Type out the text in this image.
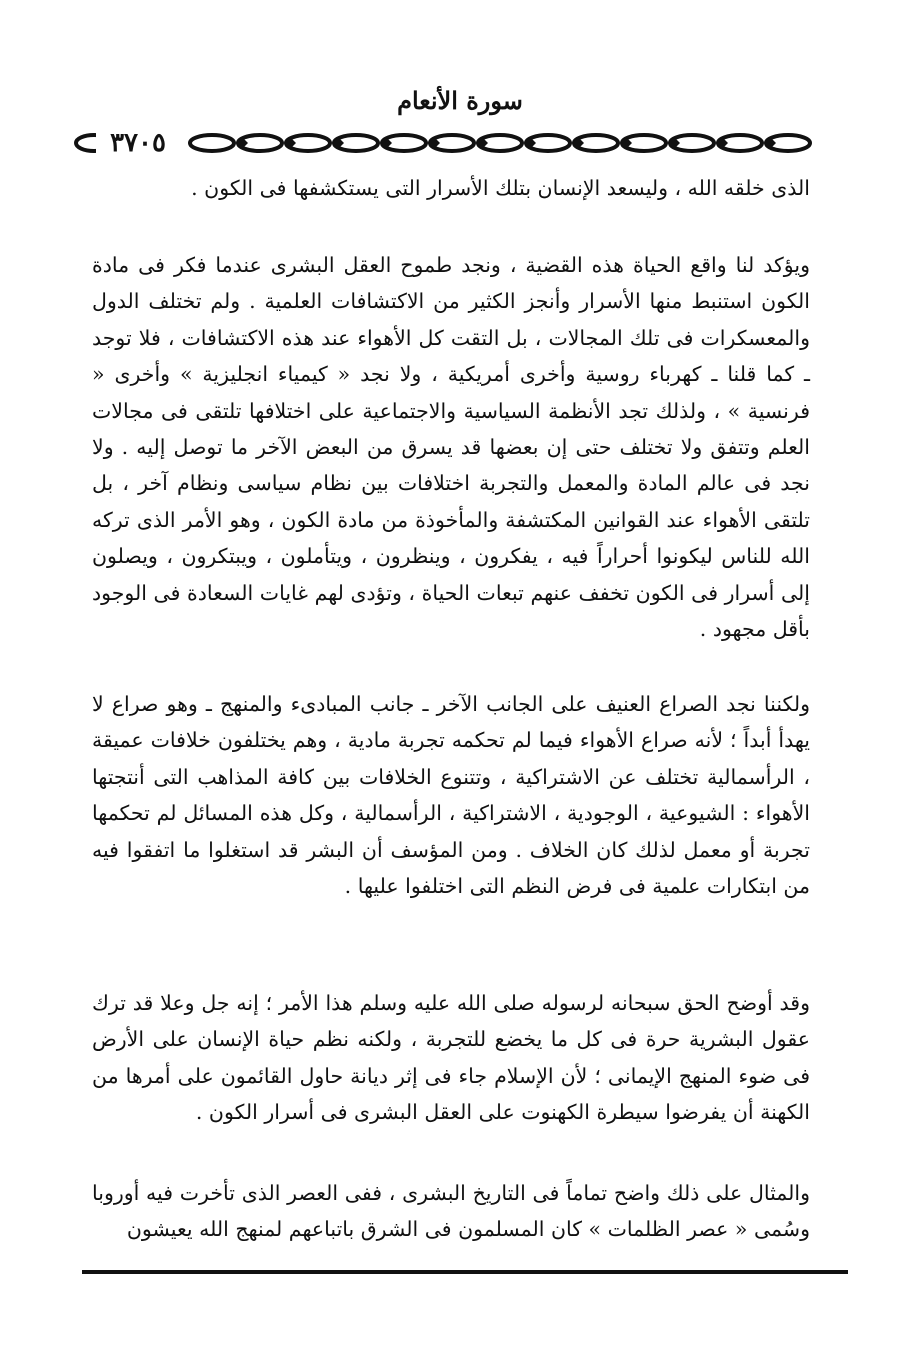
سورة الأنعام
٣٧٠٥

الذى خلقه الله ، وليسعد الإنسان بتلك الأسرار التى يستكشفها فى الكون .

ويؤكد لنا واقع الحياة هذه القضية ، ونجد طموح العقل البشرى عندما فكر فى مادة الكون استنبط منها الأسرار وأنجز الكثير من الاكتشافات العلمية . ولم تختلف الدول والمعسكرات فى تلك المجالات ، بل التقت كل الأهواء عند هذه الاكتشافات ، فلا توجد ـ كما قلنا ـ كهرباء روسية وأخرى أمريكية ، ولا نجد « كيمياء انجليزية » وأخرى « فرنسية » ، ولذلك تجد الأنظمة السياسية والاجتماعية على اختلافها تلتقى فى مجالات العلم وتتفق ولا تختلف حتى إن بعضها قد يسرق من البعض الآخر ما توصل إليه . ولا نجد فى عالم المادة والمعمل والتجربة اختلافات بين نظام سياسى ونظام آخر ، بل تلتقى الأهواء عند القوانين المكتشفة والمأخوذة من مادة الكون ، وهو الأمر الذى تركه الله للناس ليكونوا أحراراً فيه ، يفكرون ، وينظرون ، ويتأملون ، ويبتكرون ، ويصلون إلى أسرار فى الكون تخفف عنهم تبعات الحياة ، وتؤدى لهم غايات السعادة فى الوجود بأقل مجهود .

ولكننا نجد الصراع العنيف على الجانب الآخر ـ جانب المبادىء والمنهج ـ وهو صراع لا يهدأ أبداً ؛ لأنه صراع الأهواء فيما لم تحكمه تجربة مادية ، وهم يختلفون خلافات عميقة ، الرأسمالية تختلف عن الاشتراكية ، وتتنوع الخلافات بين كافة المذاهب التى أنتجتها الأهواء : الشيوعية ، الوجودية ، الاشتراكية ، الرأسمالية ، وكل هذه المسائل لم تحكمها تجربة أو معمل لذلك كان الخلاف . ومن المؤسف أن البشر قد استغلوا ما اتفقوا فيه من ابتكارات علمية فى فرض النظم التى اختلفوا عليها .

وقد أوضح الحق سبحانه لرسوله صلى الله عليه وسلم هذا الأمر ؛ إنه جل وعلا قد ترك عقول البشرية حرة فى كل ما يخضع للتجربة ، ولكنه نظم حياة الإنسان على الأرض فى ضوء المنهج الإيمانى ؛ لأن الإسلام جاء فى إثر ديانة حاول القائمون على أمرها من الكهنة أن يفرضوا سيطرة الكهنوت على العقل البشرى فى أسرار الكون .

والمثال على ذلك واضح تماماً فى التاريخ البشرى ، ففى العصر الذى تأخرت فيه أوروبا وسُمى « عصر الظلمات » كان المسلمون فى الشرق باتباعهم لمنهج الله يعيشون
